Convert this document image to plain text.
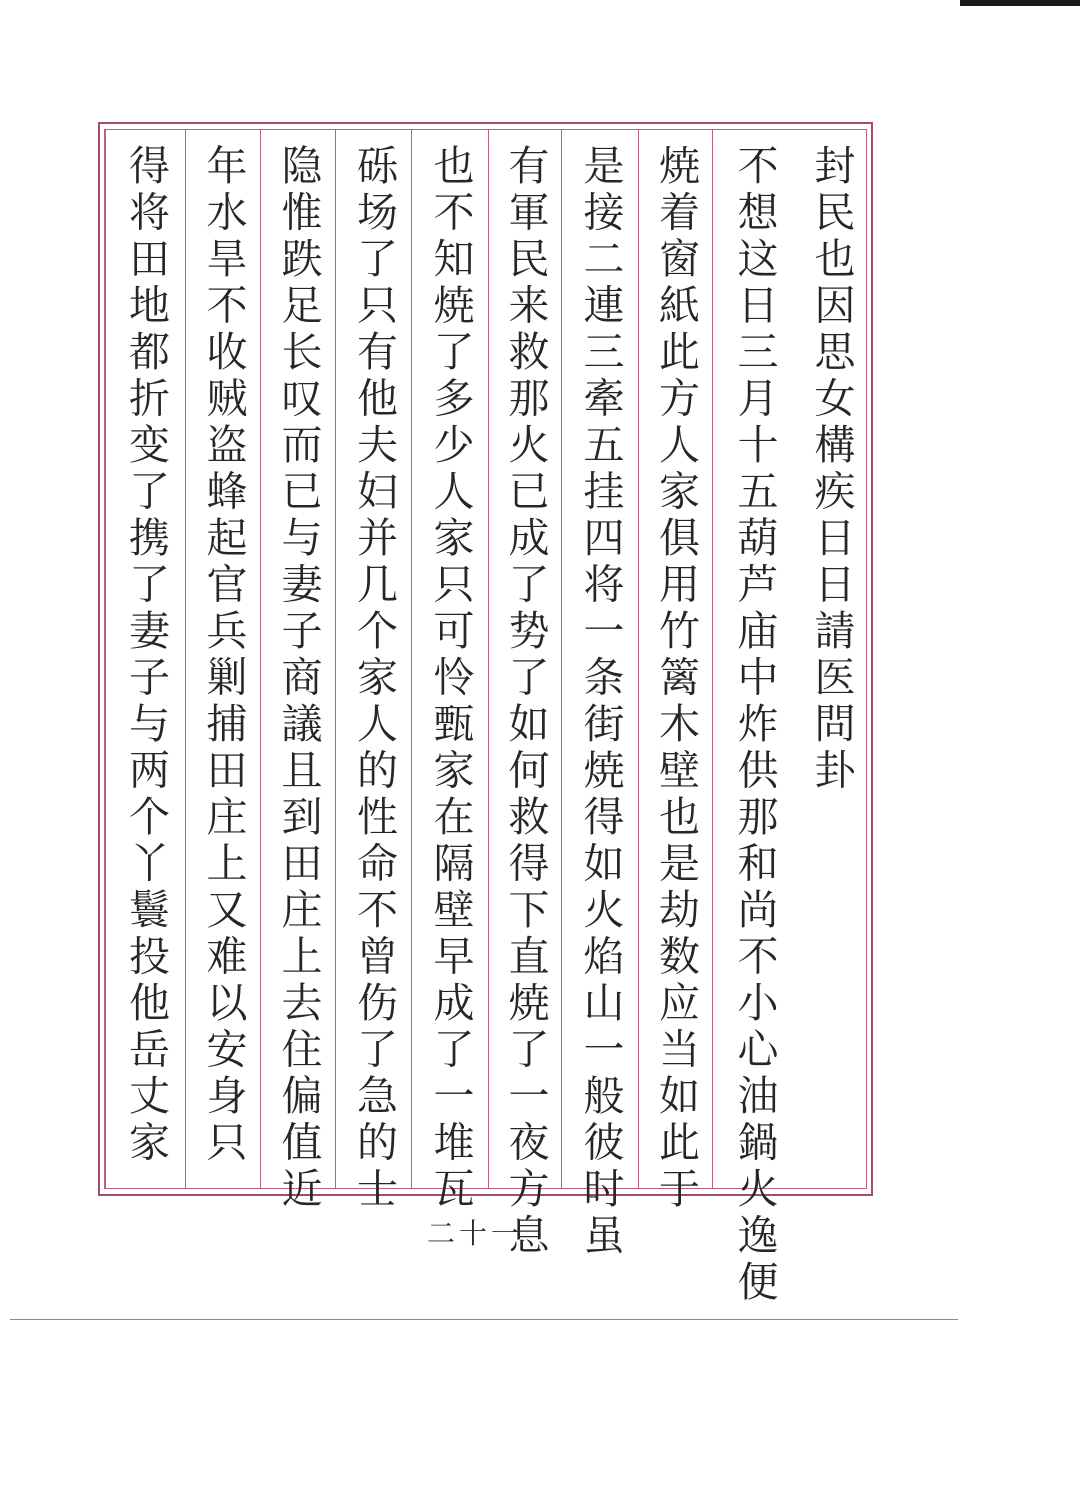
封民也因思女構疾日日請医問卦
不想这日三月十五葫芦庙中炸供那和尚不小心油鍋火逸便
焼着窗紙此方人家俱用竹篱木壁也是劫数应当如此于
是接二連三牽五挂四将一条街焼得如火焰山一般彼时虽
有軍民来救那火已成了势了如何救得下直焼了一夜方息
也不知焼了多少人家只可怜甄家在隔壁早成了一堆瓦
砾场了只有他夫妇并几个家人的性命不曾伤了急的士
隐惟跌足长叹而已与妻子商議且到田庄上去住偏值近
年水旱不收贼盗蜂起官兵剿捕田庄上又难以安身只
得将田地都折变了携了妻子与两个丫鬟投他岳丈家
二十一
